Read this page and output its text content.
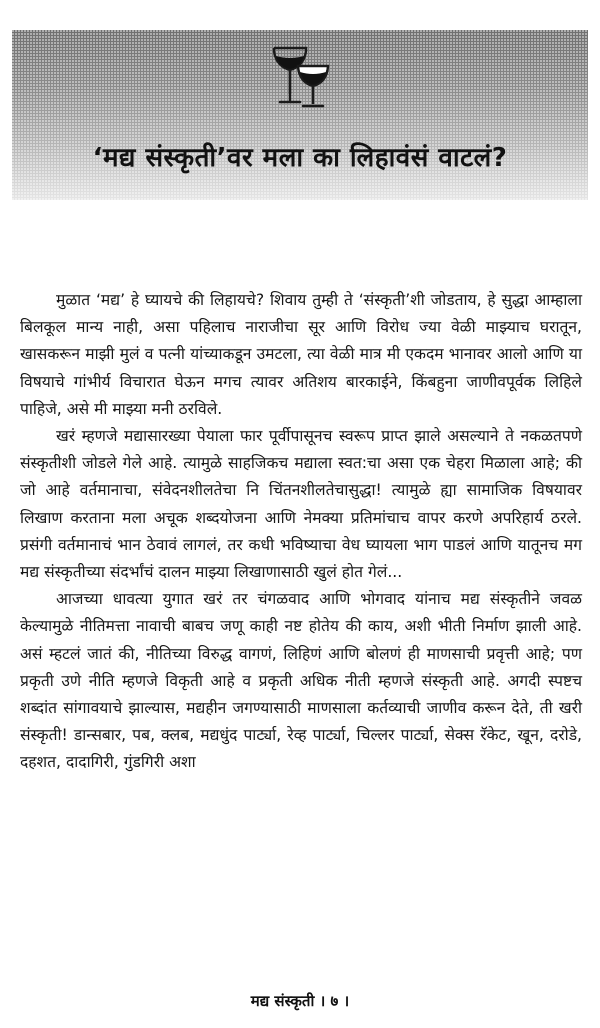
‘मद्य संस्कृती’वर मला का लिहावंसं वाटलं?

मुळात ‘मद्य’ हे घ्यायचे की लिहायचे? शिवाय तुम्ही ते ‘संस्कृती’शी जोडताय, हे सुद्धा आम्हाला बिलकूल मान्य नाही, असा पहिलाच नाराजीचा सूर आणि विरोध ज्या वेळी माझ्याच घरातून, खासकरून माझी मुलं व पत्नी यांच्याकडून उमटला, त्या वेळी मात्र मी एकदम भानावर आलो आणि या विषयाचे गांभीर्य विचारात घेऊन मगच त्यावर अतिशय बारकाईने, किंबहुना जाणीवपूर्वक लिहिले पाहिजे, असे मी माझ्या मनी ठरविले.

खरं म्हणजे मद्यासारख्या पेयाला फार पूर्वीपासूनच स्वरूप प्राप्त झाले असल्याने ते नकळतपणे संस्कृतीशी जोडले गेले आहे. त्यामुळे साहजिकच मद्याला स्वत:चा असा एक चेहरा मिळाला आहे; की जो आहे वर्तमानाचा, संवेदनशीलतेचा नि चिंतनशीलतेचासुद्धा! त्यामुळे ह्या सामाजिक विषयावर लिखाण करताना मला अचूक शब्दयोजना आणि नेमक्या प्रतिमांचाच वापर करणे अपरिहार्य ठरले. प्रसंगी वर्तमानाचं भान ठेवावं लागलं, तर कधी भविष्याचा वेध घ्यायला भाग पाडलं आणि यातूनच मग मद्य संस्कृतीच्या संदर्भांचं दालन माझ्या लिखाणासाठी खुलं होत गेलं...

आजच्या धावत्या युगात खरं तर चंगळवाद आणि भोगवाद यांनाच मद्य संस्कृतीने जवळ केल्यामुळे नीतिमत्ता नावाची बाबच जणू काही नष्ट होतेय की काय, अशी भीती निर्माण झाली आहे. असं म्हटलं जातं की, नीतिच्या विरुद्ध वागणं, लिहिणं आणि बोलणं ही माणसाची प्रवृत्ती आहे; पण प्रकृती उणे नीति म्हणजे विकृती आहे व प्रकृती अधिक नीती म्हणजे संस्कृती आहे. अगदी स्पष्टच शब्दांत सांगावयाचे झाल्यास, मद्यहीन जगण्यासाठी माणसाला कर्तव्याची जाणीव करून देते, ती खरी संस्कृती! डान्सबार, पब, क्लब, मद्यधुंद पार्ट्या, रेव्ह पार्ट्या, चिल्लर पार्ट्या, सेक्स रॅकेट, खून, दरोडे, दहशत, दादागिरी, गुंडगिरी अशा

मद्य संस्कृती । ७ ।
